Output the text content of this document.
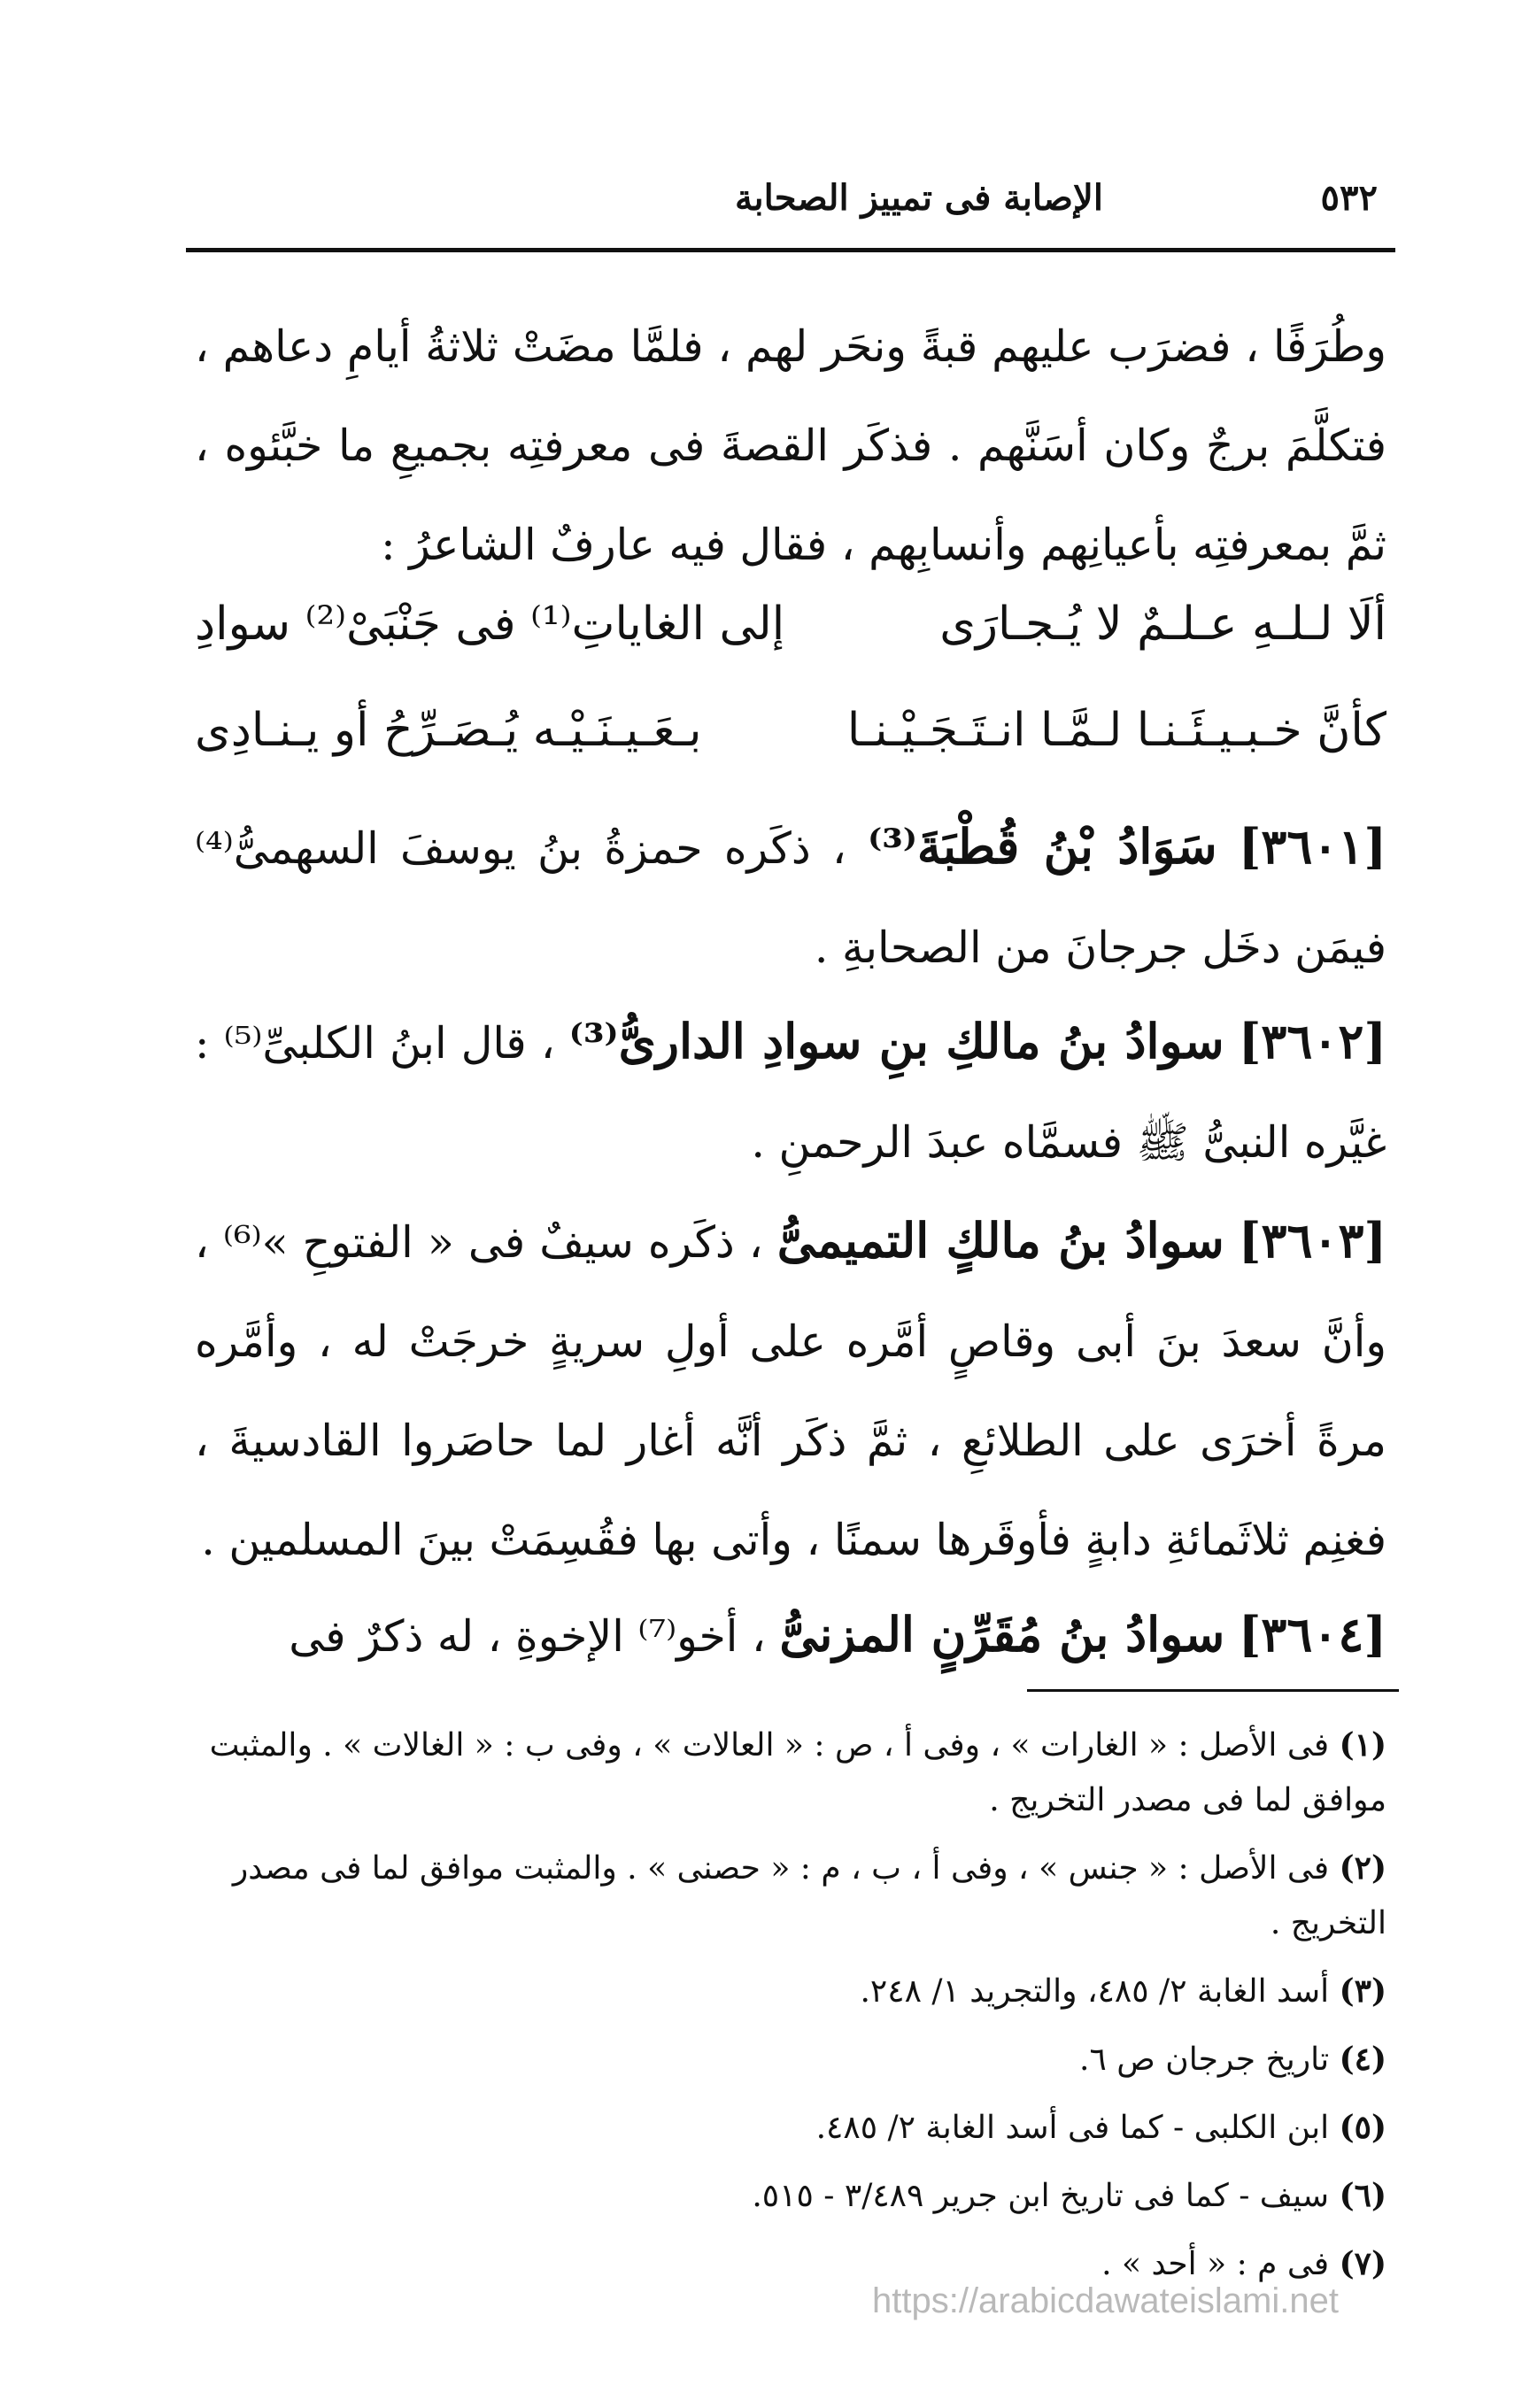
٥٣٢
الإصابة فى تمييز الصحابة
وطُرَفًا ، فضرَب عليهم قبةً ونحَر لهم ، فلمَّا مضَتْ ثلاثةُ أيامِ دعاهم ، فتكلَّمَ برجٌ وكان أسَنَّهم . فذكَر القصةَ فى معرفتِه بجميعِ ما خبَّئوه ، ثمَّ بمعرفتِه بأعيانِهم وأنسابِهم ، فقال فيه عارفٌ الشاعرُ :
ألَا لـلـهِ عـلـمٌ لا يُـجـارَى
إلى الغاياتِ⁽¹⁾ فى جَنْبَىْ⁽²⁾ سوادِ
كأنَّ خـبـيـئَـنـا لـمَّـا انـتَـجَـيْـنـا
بـعَـيـنَـيْـه يُـصَـرِّحُ أو يـنـادِى
[٣٦٠١] سَوَادُ بْنُ قُطْبَةَ⁽³⁾ ، ذكَره حمزةُ بنُ يوسفَ السهمىُّ⁽⁴⁾ فيمَن دخَل جرجانَ من الصحابةِ .
[٣٦٠٢] سوادُ بنُ مالكِ بنِ سوادِ الدارىُّ⁽³⁾ ، قال ابنُ الكلبىِّ⁽⁵⁾ : غيَّره النبىُّ ﷺ فسمَّاه عبدَ الرحمنِ .
[٣٦٠٣] سوادُ بنُ مالكٍ التميمىُّ ، ذكَره سيفٌ فى « الفتوحِ »⁽⁶⁾ ، وأنَّ سعدَ بنَ أبى وقاصٍ أمَّره على أولِ سريةٍ خرجَتْ له ، وأمَّره مرةً أخرَى على الطلائعِ ، ثمَّ ذكَر أنَّه أغار لما حاصَروا القادسيةَ ، فغنِم ثلاثَمائةِ دابةٍ فأوقَرها سمنًا ، وأتى بها فقُسِمَتْ بينَ المسلمين .
[٣٦٠٤] سوادُ بنُ مُقَرِّنٍ المزنىُّ ، أخو⁽⁷⁾ الإخوةِ ، له ذكرٌ فى
(١) فى الأصل : « الغارات » ، وفى أ ، ص : « العالات » ، وفى ب : « الغالات » . والمثبت موافق لما فى مصدر التخريج .
(٢) فى الأصل : « جنس » ، وفى أ ، ب ، م : « حصنى » . والمثبت موافق لما فى مصدر التخريج .
(٣) أسد الغابة ٢/ ٤٨٥، والتجريد ١/ ٢٤٨.
(٤) تاريخ جرجان ص ٦.
(٥) ابن الكلبى - كما فى أسد الغابة ٢/ ٤٨٥.
(٦) سيف - كما فى تاريخ ابن جرير ٣/٤٨٩ - ٥١٥.
(٧) فى م : « أحد » .
https://arabicdawateislami.net
